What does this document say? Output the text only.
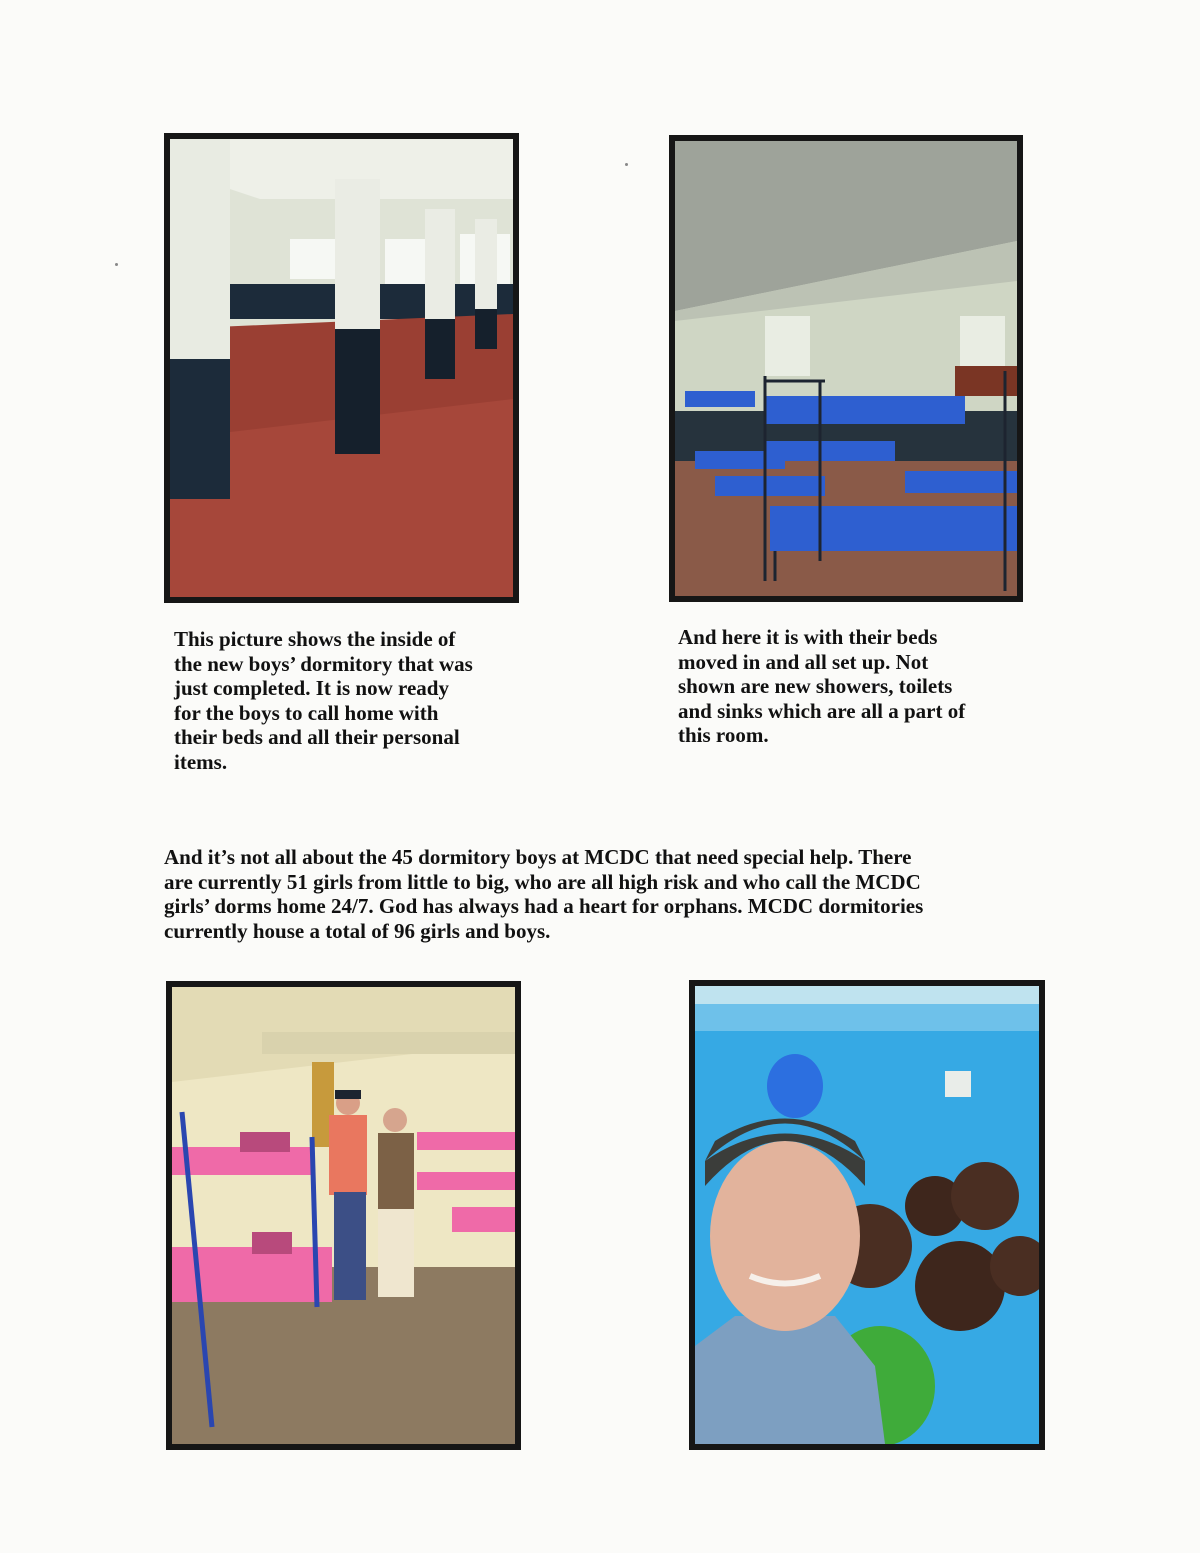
This picture shows the inside of
the new boys’ dormitory that was
just completed. It is now ready
for the boys to call home with
their beds and all their personal
items.
And here it is with their beds
moved in and all set up. Not
shown are new showers, toilets
and sinks which are all a part of
this room.
And it’s not all about the 45 dormitory boys at MCDC that need special help. There
are currently 51 girls from little to big, who are all high risk and who call the MCDC
girls’ dorms home 24/7. God has always had a heart for orphans. MCDC dormitories
currently house a total of 96 girls and boys.
